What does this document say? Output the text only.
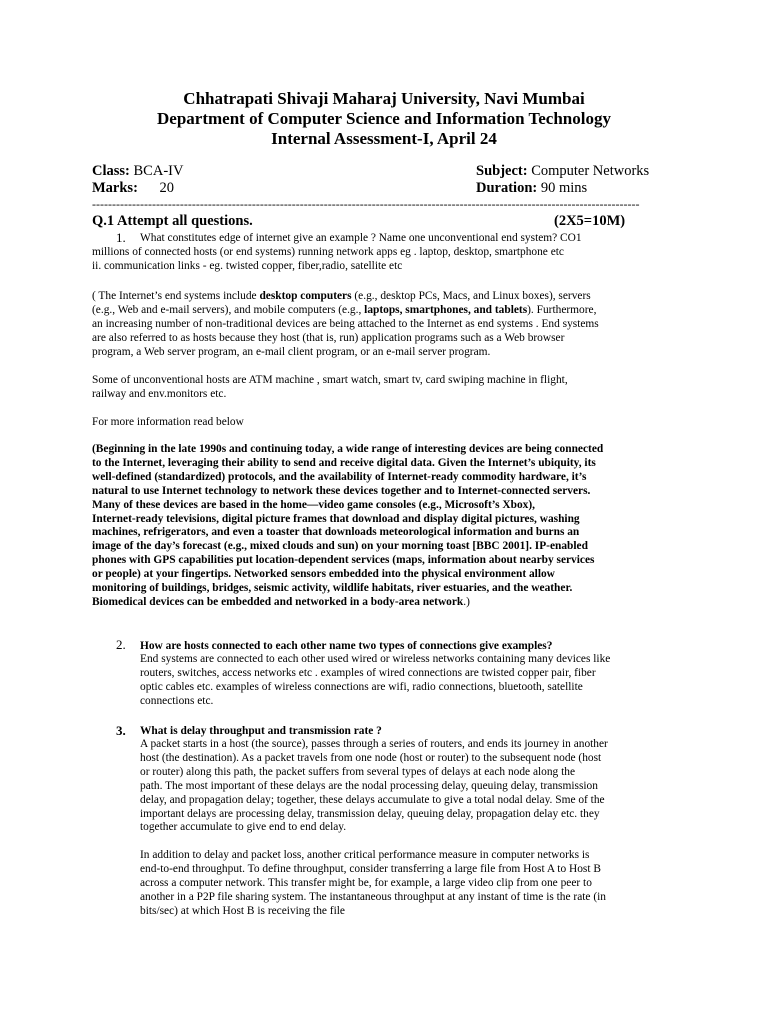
Chhatrapati Shivaji Maharaj University, Navi Mumbai
Department of Computer Science and Information Technology
Internal Assessment-I, April 24
Class: BCA-IV
Marks: 20
Subject: Computer Networks
Duration: 90 mins
-----------------------------------------------------------------------------------------------------------------------------------------
Q.1 Attempt all questions.	(2X5=10M)
1. What constitutes edge of internet give an example ? Name one unconventional end system? CO1
millions of connected hosts (or end systems) running network apps eg . laptop, desktop, smartphone etc
ii. communication links - eg. twisted copper, fiber,radio, satellite etc
( The Internet’s end systems include desktop computers (e.g., desktop PCs, Macs, and Linux boxes), servers
(e.g., Web and e-mail servers), and mobile computers (e.g., laptops, smartphones, and tablets). Furthermore,
an increasing number of non-traditional devices are being attached to the Internet as end systems . End systems
are also referred to as hosts because they host (that is, run) application programs such as a Web browser
program, a Web server program, an e-mail client program, or an e-mail server program.
Some of unconventional hosts are ATM machine , smart watch, smart tv, card swiping machine in flight,
railway and env.monitors etc.
For more information read below

(Beginning in the late 1990s and continuing today, a wide range of interesting devices are being connected

to the Internet, leveraging their ability to send and receive digital data. Given the Internet’s ubiquity, its

well-defined (standardized) protocols, and the availability of Internet-ready commodity hardware, it’s

natural to use Internet technology to network these devices together and to Internet-connected servers.

Many of these devices are based in the home—video game consoles (e.g., Microsoft’s Xbox),

Internet-ready televisions, digital picture frames that download and display digital pictures, washing

machines, refrigerators, and even a toaster that downloads meteorological information and burns an

image of the day’s forecast (e.g., mixed clouds and sun) on your morning toast [BBC 2001]. IP-enabled

phones with GPS capabilities put location-dependent services (maps, information about nearby services

or people) at your fingertips. Networked sensors embedded into the physical environment allow

monitoring of buildings, bridges, seismic activity, wildlife habitats, river estuaries, and the weather.

Biomedical devices can be embedded and networked in a body-area network.)

2. How are hosts connected to each other name two types of connections give examples?
End systems are connected to each other used wired or wireless networks containing many devices like
routers, switches, access networks etc . examples of wired connections are twisted copper pair, fiber
optic cables etc. examples of wireless connections are wifi, radio connections, bluetooth, satellite
connections etc.
3. What is delay throughput and transmission rate ?
A packet starts in a host (the source), passes through a series of routers, and ends its journey in another
host (the destination). As a packet travels from one node (host or router) to the subsequent node (host
or router) along this path, the packet suffers from several types of delays at each node along the
path. The most important of these delays are the nodal processing delay, queuing delay, transmission
delay, and propagation delay; together, these delays accumulate to give a total nodal delay. Sme of the
important delays are processing delay, transmission delay, queuing delay, propagation delay etc. they
together accumulate to give end to end delay.
In addition to delay and packet loss, another critical performance measure in computer networks is
end-to-end throughput. To define throughput, consider transferring a large file from Host A to Host B
across a computer network. This transfer might be, for example, a large video clip from one peer to
another in a P2P file sharing system. The instantaneous throughput at any instant of time is the rate (in
bits/sec) at which Host B is receiving the file
